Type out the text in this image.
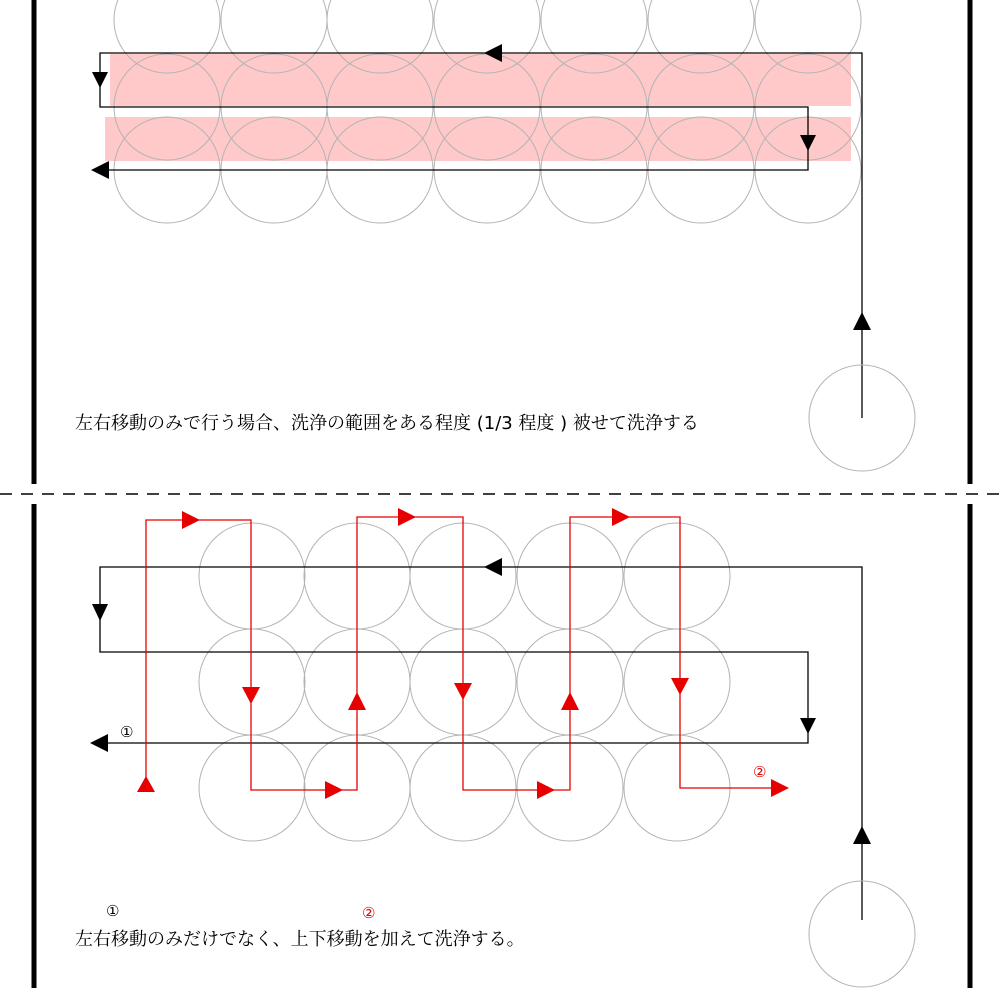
左右移動のみで行う場合、洗浄の範囲をある程度 (1/3 程度 ) 被せて洗浄する
①
②
①	②
左右移動のみだけでなく、上下移動を加えて洗浄する。
